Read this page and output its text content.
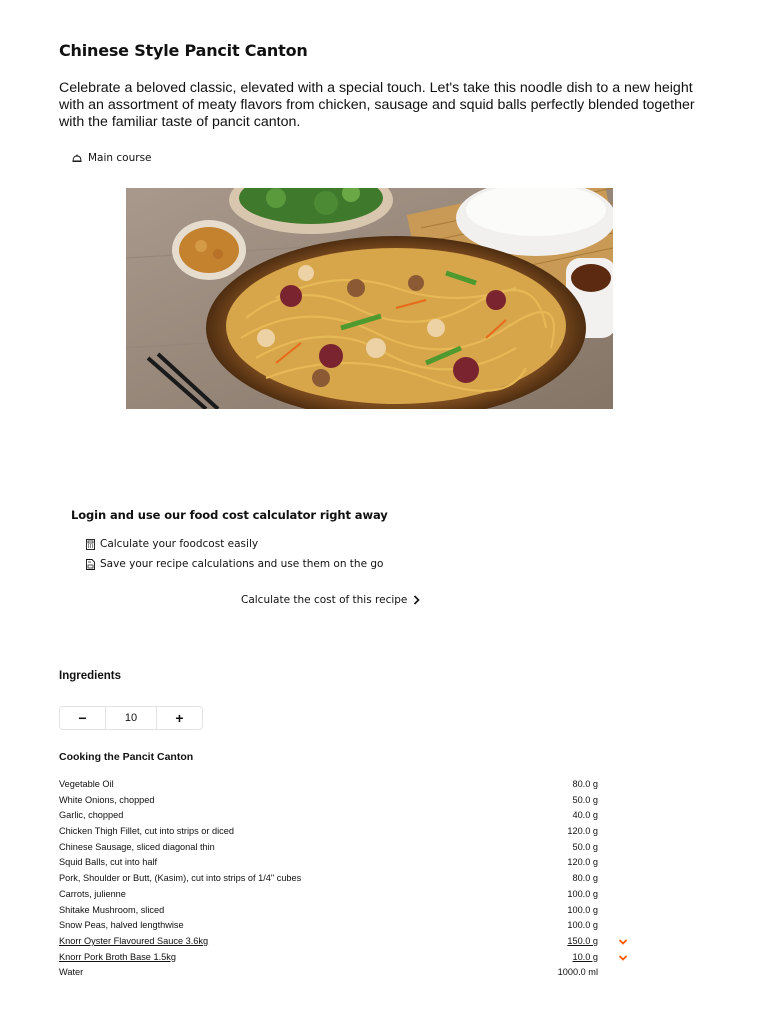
Chinese Style Pancit Canton
Celebrate a beloved classic, elevated with a special touch. Let's take this noodle dish to a new height with an assortment of meaty flavors from chicken, sausage and squid balls perfectly blended together with the familiar taste of pancit canton.
Main course
Login and use our food cost calculator right away
Calculate your foodcost easily
Save your recipe calculations and use them on the go
Calculate the cost of this recipe
Ingredients
−	10	+
Cooking the Pancit Canton
Vegetable Oil	80.0 g
White Onions, chopped	50.0 g
Garlic, chopped	40.0 g
Chicken Thigh Fillet, cut into strips or diced	120.0 g
Chinese Sausage, sliced diagonal thin	50.0 g
Squid Balls, cut into half	120.0 g
Pork, Shoulder or Butt, (Kasim), cut into strips of 1/4" cubes	80.0 g
Carrots, julienne	100.0 g
Shitake Mushroom, sliced	100.0 g
Snow Peas, halved lengthwise	100.0 g
Knorr Oyster Flavoured Sauce 3.6kg	150.0 g
Knorr Pork Broth Base 1.5kg	10.0 g
Water	1000.0 ml
